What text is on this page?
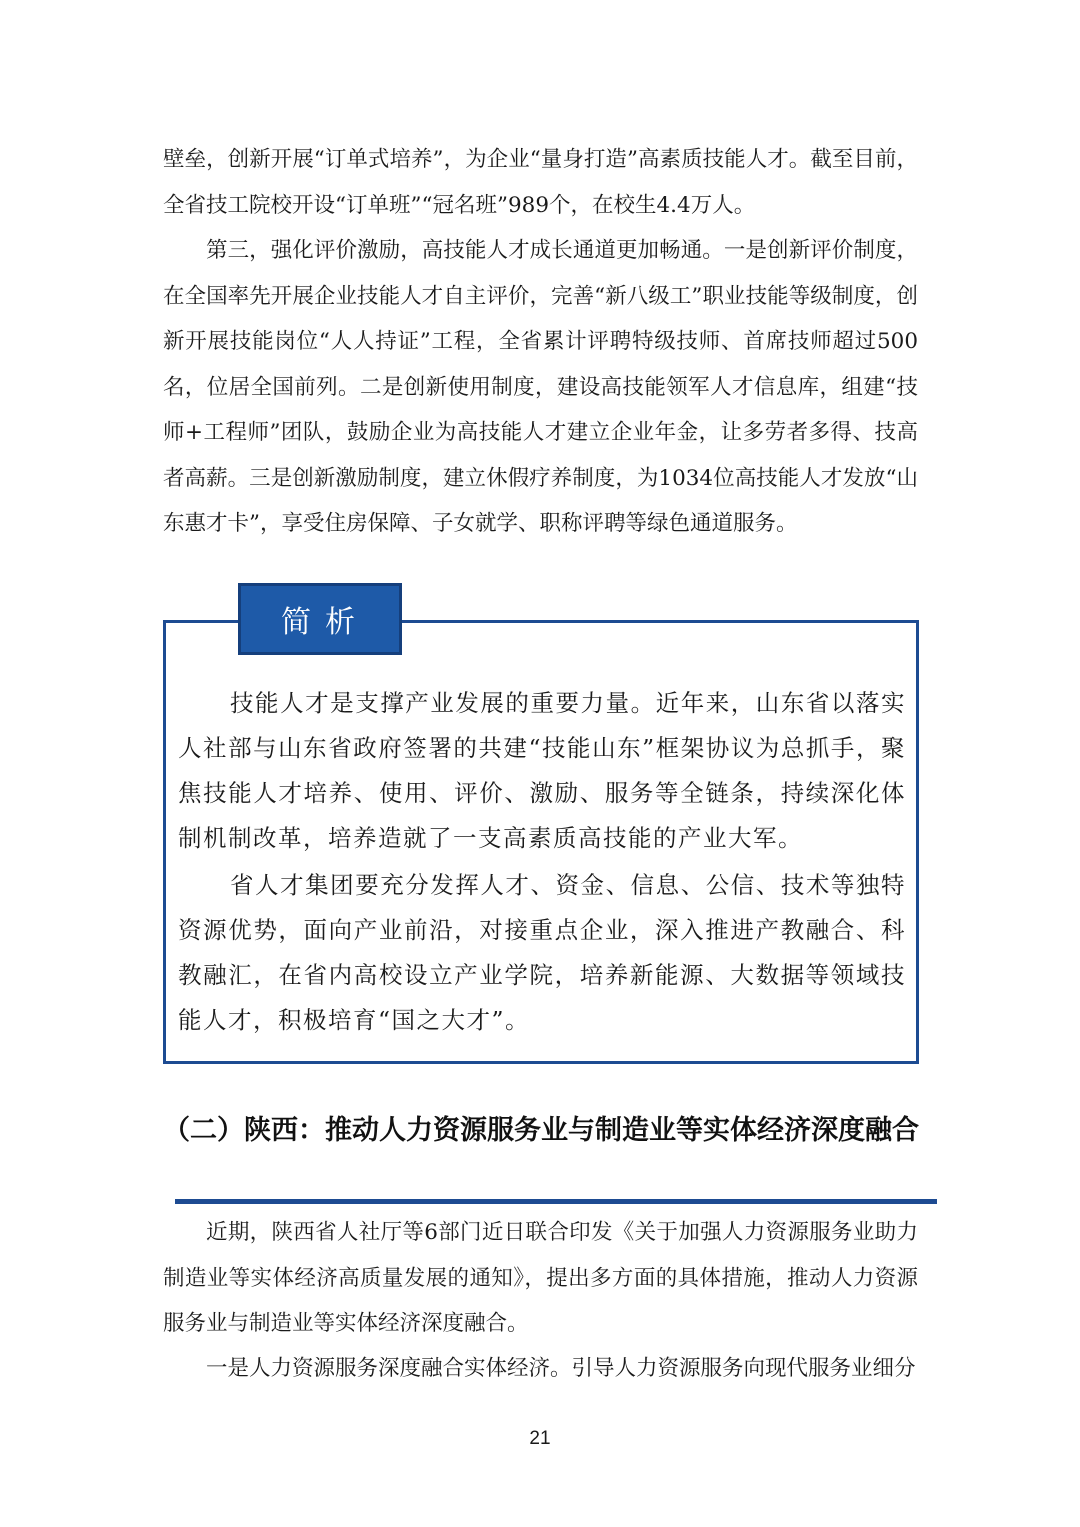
壁垒，创新开展“订单式培养”，为企业“量身打造”高素质技能人才。截至目前，全省技工院校开设“订单班”“冠名班”989个，在校生4.4万人。

第三，强化评价激励，高技能人才成长通道更加畅通。一是创新评价制度，在全国率先开展企业技能人才自主评价，完善“新八级工”职业技能等级制度，创新开展技能岗位“人人持证”工程，全省累计评聘特级技师、首席技师超过500名，位居全国前列。二是创新使用制度，建设高技能领军人才信息库，组建“技师+工程师”团队，鼓励企业为高技能人才建立企业年金，让多劳者多得、技高者高薪。三是创新激励制度，建立休假疗养制度，为1034位高技能人才发放“山东惠才卡”，享受住房保障、子女就学、职称评聘等绿色通道服务。

简析

技能人才是支撑产业发展的重要力量。近年来，山东省以落实人社部与山东省政府签署的共建“技能山东”框架协议为总抓手，聚焦技能人才培养、使用、评价、激励、服务等全链条，持续深化体制机制改革，培养造就了一支高素质高技能的产业大军。

省人才集团要充分发挥人才、资金、信息、公信、技术等独特资源优势，面向产业前沿，对接重点企业，深入推进产教融合、科教融汇，在省内高校设立产业学院，培养新能源、大数据等领域技能人才，积极培育“国之大才”。

（二）陕西：推动人力资源服务业与制造业等实体经济深度融合

近期，陕西省人社厅等6部门近日联合印发《关于加强人力资源服务业助力制造业等实体经济高质量发展的通知》，提出多方面的具体措施，推动人力资源服务业与制造业等实体经济深度融合。

一是人力资源服务深度融合实体经济。引导人力资源服务向现代服务业细分

21
